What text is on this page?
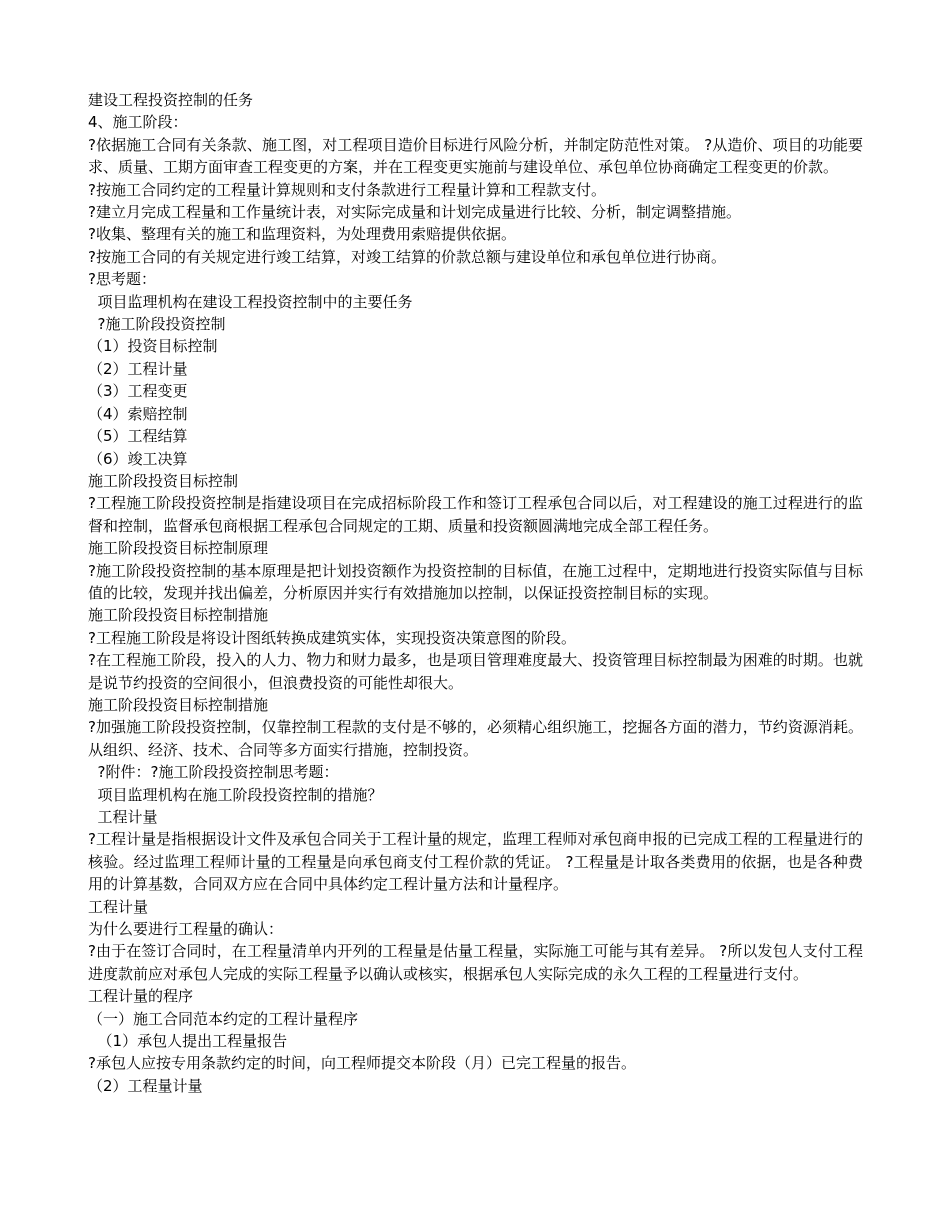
建设工程投资控制的任务

4、施工阶段：

?依据施工合同有关条款、施工图，对工程项目造价目标进行风险分析，并制定防范性对策。 ?从造价、项目的功能要求、质量、工期方面审查工程变更的方案，并在工程变更实施前与建设单位、承包单位协商确定工程变更的价款。

?按施工合同约定的工程量计算规则和支付条款进行工程量计算和工程款支付。

?建立月完成工程量和工作量统计表，对实际完成量和计划完成量进行比较、分析，制定调整措施。

?收集、整理有关的施工和监理资料，为处理费用索赔提供依据。

?按施工合同的有关规定进行竣工结算，对竣工结算的价款总额与建设单位和承包单位进行协商。

?思考题：

项目监理机构在建设工程投资控制中的主要任务

?施工阶段投资控制

（1）投资目标控制

（2）工程计量

（3）工程变更

（4）索赔控制

（5）工程结算

（6）竣工决算

施工阶段投资目标控制

?工程施工阶段投资控制是指建设项目在完成招标阶段工作和签订工程承包合同以后，对工程建设的施工过程进行的监督和控制，监督承包商根据工程承包合同规定的工期、质量和投资额圆满地完成全部工程任务。

施工阶段投资目标控制原理

?施工阶段投资控制的基本原理是把计划投资额作为投资控制的目标值，在施工过程中，定期地进行投资实际值与目标值的比较，发现并找出偏差，分析原因并实行有效措施加以控制，以保证投资控制目标的实现。

施工阶段投资目标控制措施

?工程施工阶段是将设计图纸转换成建筑实体，实现投资决策意图的阶段。

?在工程施工阶段，投入的人力、物力和财力最多，也是项目管理难度最大、投资管理目标控制最为困难的时期。也就是说节约投资的空间很小，但浪费投资的可能性却很大。

施工阶段投资目标控制措施

?加强施工阶段投资控制，仅靠控制工程款的支付是不够的，必须精心组织施工，挖掘各方面的潜力，节约资源消耗。从组织、经济、技术、合同等多方面实行措施，控制投资。

?附件：?施工阶段投资控制思考题：

项目监理机构在施工阶段投资控制的措施？

工程计量

?工程计量是指根据设计文件及承包合同关于工程计量的规定，监理工程师对承包商申报的已完成工程的工程量进行的核验。经过监理工程师计量的工程量是向承包商支付工程价款的凭证。 ?工程量是计取各类费用的依据，也是各种费用的计算基数，合同双方应在合同中具体约定工程计量方法和计量程序。

工程计量

为什么要进行工程量的确认：

?由于在签订合同时，在工程量清单内开列的工程量是估量工程量，实际施工可能与其有差异。 ?所以发包人支付工程进度款前应对承包人完成的实际工程量予以确认或核实，根据承包人实际完成的永久工程的工程量进行支付。

工程计量的程序

（一）施工合同范本约定的工程计量程序

（1）承包人提出工程量报告

?承包人应按专用条款约定的时间，向工程师提交本阶段（月）已完工程量的报告。

（2）工程量计量
